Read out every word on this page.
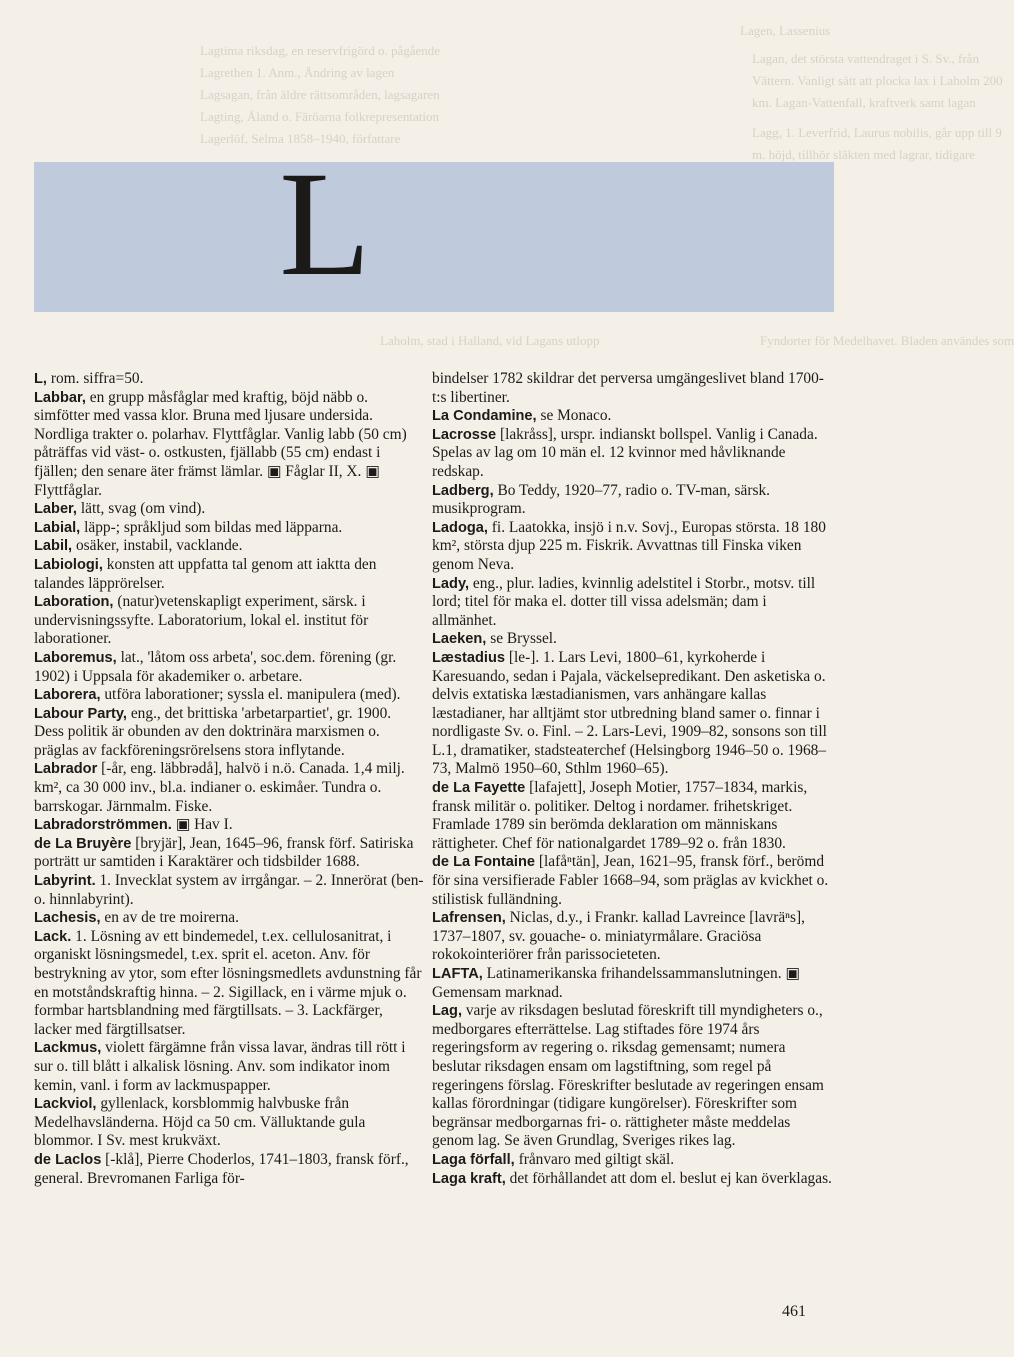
Lagen, Lassenius
Lagan, det största vattendraget i S. Sv., från
Vättern. Vanligt sätt att plocka lax i Laholm 200
km. Lagan-Vattenfall, kraftverk samt lagan
Lagg, 1. Leverfrid, Laurus nobilis, går upp till 9
m. höjd, tillhör släkten med lagrar, tidigare
Fyndorter för Medelhavet. Bladen användes som
Lagtima riksdag, en reservfrigörd o. pågående
Lagrethen 1. Anm., Ändring av lagen
Lagsagan, från äldre rättsområden, lagsagaren
Lagting, Åland o. Färöarna folkrepresentation
Lagerlöf, Selma 1858–1940, författare
Laholm, stad i Halland, vid Lagans utlopp
L

L, rom. siffra=50.

Labbar, en grupp måsfåglar med kraftig, böjd näbb o. simfötter med vassa klor. Bruna med ljusare undersida. Nordliga trakter o. polarhav. Flyttfåglar. Vanlig labb (50 cm) påträffas vid väst- o. ostkusten, fjällabb (55 cm) endast i fjällen; den senare äter främst lämlar. ▣ Fåglar II, X. ▣ Flyttfåglar.

Laber, lätt, svag (om vind).

Labial, läpp-; språkljud som bildas med läpparna.

Labil, osäker, instabil, vacklande.

Labiologi, konsten att uppfatta tal genom att iaktta den talandes läpprörelser.

Laboration, (natur)vetenskapligt experiment, särsk. i undervisningssyfte. Laboratorium, lokal el. institut för laborationer.

Laboremus, lat., 'låtom oss arbeta', soc.dem. förening (gr. 1902) i Uppsala för akademiker o. arbetare.

Laborera, utföra laborationer; syssla el. manipulera (med).

Labour Party, eng., det brittiska 'arbetarpartiet', gr. 1900. Dess politik är obunden av den doktrinära marxismen o. präglas av fackföreningsrörelsens stora inflytande.

Labrador [-år, eng. läbbrədå], halvö i n.ö. Canada. 1,4 milj. km², ca 30 000 inv., bl.a. indianer o. eskimåer. Tundra o. barrskogar. Järnmalm. Fiske.

Labradorströmmen. ▣ Hav I.

de La Bruyère [bryjär], Jean, 1645–96, fransk förf. Satiriska porträtt ur samtiden i Karaktärer och tidsbilder 1688.

Labyrint. 1. Invecklat system av irrgångar. – 2. Innerörat (ben- o. hinnlabyrint).

Lachesis, en av de tre moirerna.

Lack. 1. Lösning av ett bindemedel, t.ex. cellulosanitrat, i organiskt lösningsmedel, t.ex. sprit el. aceton. Anv. för bestrykning av ytor, som efter lösningsmedlets avdunstning får en motståndskraftig hinna. – 2. Sigillack, en i värme mjuk o. formbar hartsblandning med färgtillsats. – 3. Lackfärger, lacker med färgtillsatser.

Lackmus, violett färgämne från vissa lavar, ändras till rött i sur o. till blått i alkalisk lösning. Anv. som indikator inom kemin, vanl. i form av lackmuspapper.

Lackviol, gyllenlack, korsblommig halvbuske från Medelhavsländerna. Höjd ca 50 cm. Välluktande gula blommor. I Sv. mest krukväxt.

de Laclos [-klå], Pierre Choderlos, 1741–1803, fransk förf., general. Brevromanen Farliga för-

bindelser 1782 skildrar det perversa umgängeslivet bland 1700-t:s libertiner.

La Condamine, se Monaco.

Lacrosse [lakråss], urspr. indianskt bollspel. Vanlig i Canada. Spelas av lag om 10 män el. 12 kvinnor med håvliknande redskap.

Ladberg, Bo Teddy, 1920–77, radio o. TV-man, särsk. musikprogram.

Ladoga, fi. Laatokka, insjö i n.v. Sovj., Europas största. 18 180 km², största djup 225 m. Fiskrik. Avvattnas till Finska viken genom Neva.

Lady, eng., plur. ladies, kvinnlig adelstitel i Storbr., motsv. till lord; titel för maka el. dotter till vissa adelsmän; dam i allmänhet.

Laeken, se Bryssel.

Læstadius [le-]. 1. Lars Levi, 1800–61, kyrkoherde i Karesuando, sedan i Pajala, väckelsepredikant. Den asketiska o. delvis extatiska læstadianismen, vars anhängare kallas læstadianer, har alltjämt stor utbredning bland samer o. finnar i nordligaste Sv. o. Finl. – 2. Lars-Levi, 1909–82, sonsons son till L.1, dramatiker, stadsteaterchef (Helsingborg 1946–50 o. 1968–73, Malmö 1950–60, Sthlm 1960–65).

de La Fayette [lafajett], Joseph Motier, 1757–1834, markis, fransk militär o. politiker. Deltog i nordamer. frihetskriget. Framlade 1789 sin berömda deklaration om människans rättigheter. Chef för nationalgardet 1789–92 o. från 1830.

de La Fontaine [lafåⁿtän], Jean, 1621–95, fransk förf., berömd för sina versifierade Fabler 1668–94, som präglas av kvickhet o. stilistisk fulländning.

Lafrensen, Niclas, d.y., i Frankr. kallad Lavreince [lavräⁿs], 1737–1807, sv. gouache- o. miniatyrmålare. Graciösa rokokointeriörer från parissocieteten.

LAFTA, Latinamerikanska frihandelssammanslutningen. ▣ Gemensam marknad.

Lag, varje av riksdagen beslutad föreskrift till myndigheters o., medborgares efterrättelse. Lag stiftades före 1974 års regeringsform av regering o. riksdag gemensamt; numera beslutar riksdagen ensam om lagstiftning, som regel på regeringens förslag. Föreskrifter beslutade av regeringen ensam kallas förordningar (tidigare kungörelser). Föreskrifter som begränsar medborgarnas fri- o. rättigheter måste meddelas genom lag. Se även Grundlag, Sveriges rikes lag.

Laga förfall, frånvaro med giltigt skäl.

Laga kraft, det förhållandet att dom el. beslut ej kan överklagas.

461
